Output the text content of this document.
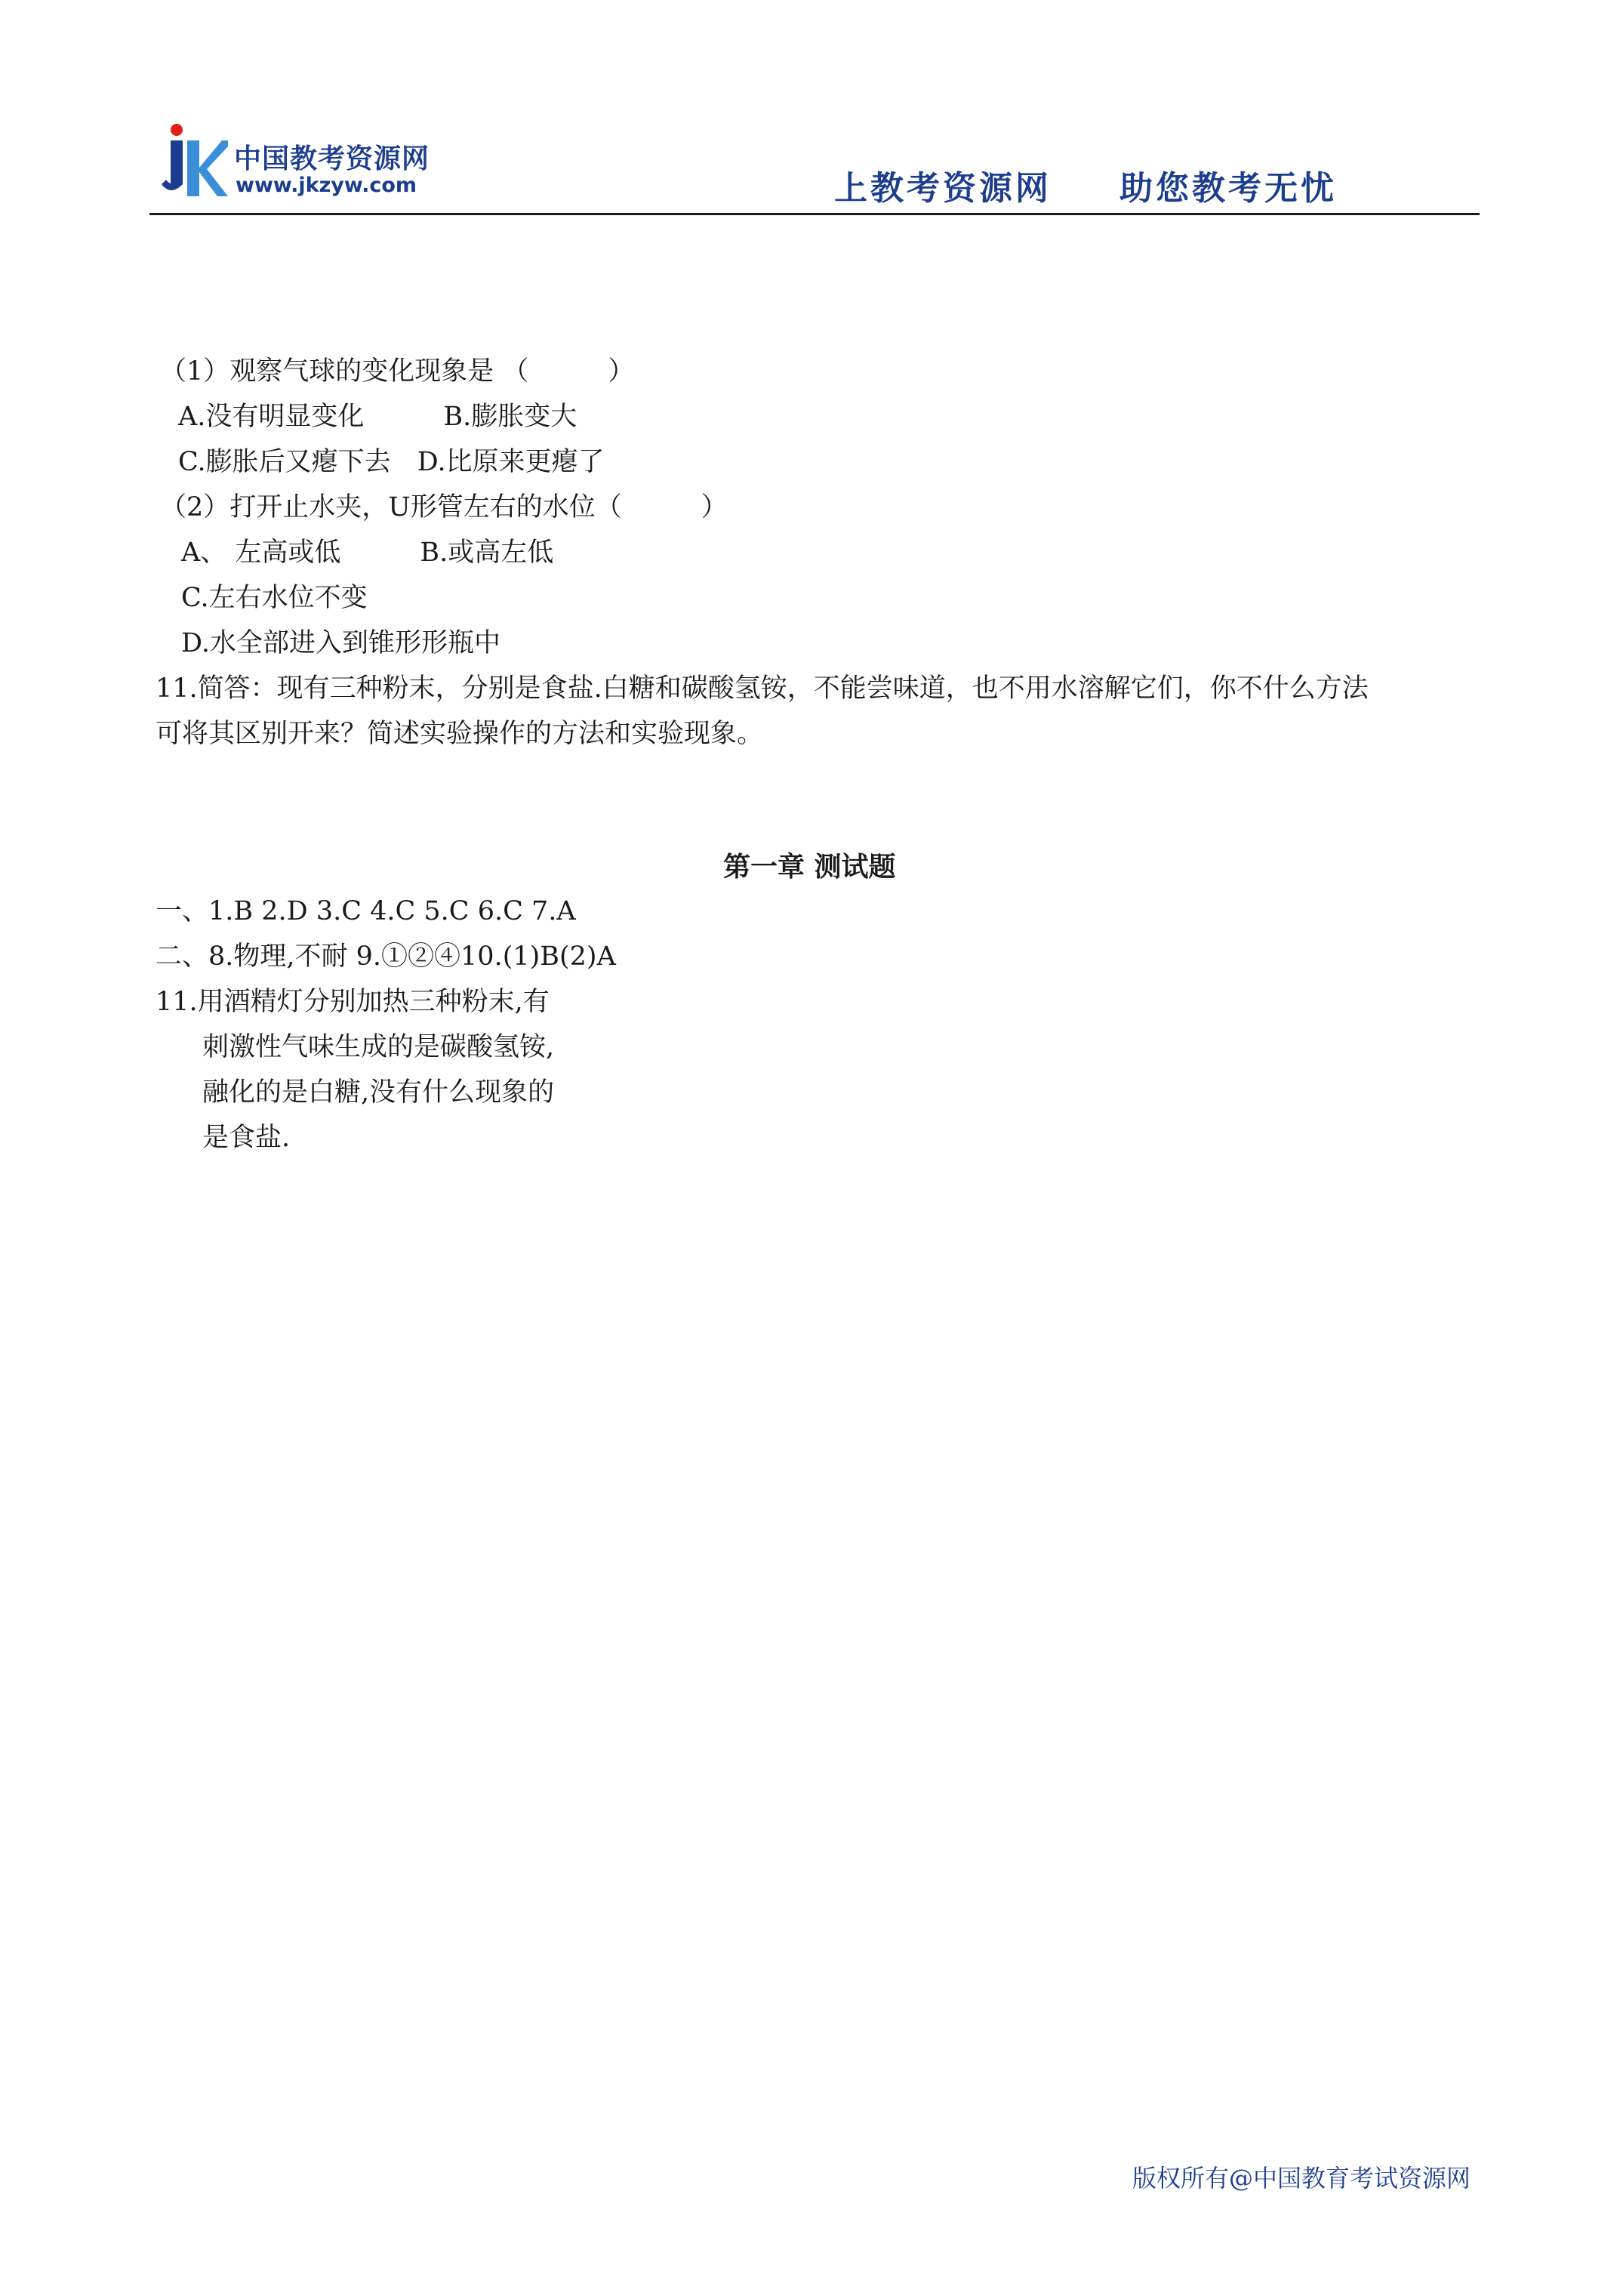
中国教考资源网
www.jkzyw.com	上教考资源网 助您教考无忧
（1）观察气球的变化现象是 （　　　）
A.没有明显变化　　　B.膨胀变大
C.膨胀后又瘪下去　D.比原来更瘪了
（2）打开止水夹，U形管左右的水位（　　　）
A、 左高或低　　　B.或高左低
C.左右水位不变
D.水全部进入到锥形形瓶中
11.简答：现有三种粉末，分别是食盐.白糖和碳酸氢铵，不能尝味道，也不用水溶解它们，你不什么方法
可将其区别开来？简述实验操作的方法和实验现象。
第一章 测试题
一、1.B 2.D 3.C 4.C 5.C 6.C 7.A
二、8.物理,不耐 9.①②④10.(1)B(2)A
11.用酒精灯分别加热三种粉末,有
刺激性气味生成的是碳酸氢铵,
融化的是白糖,没有什么现象的
是食盐.
版权所有@中国教育考试资源网
